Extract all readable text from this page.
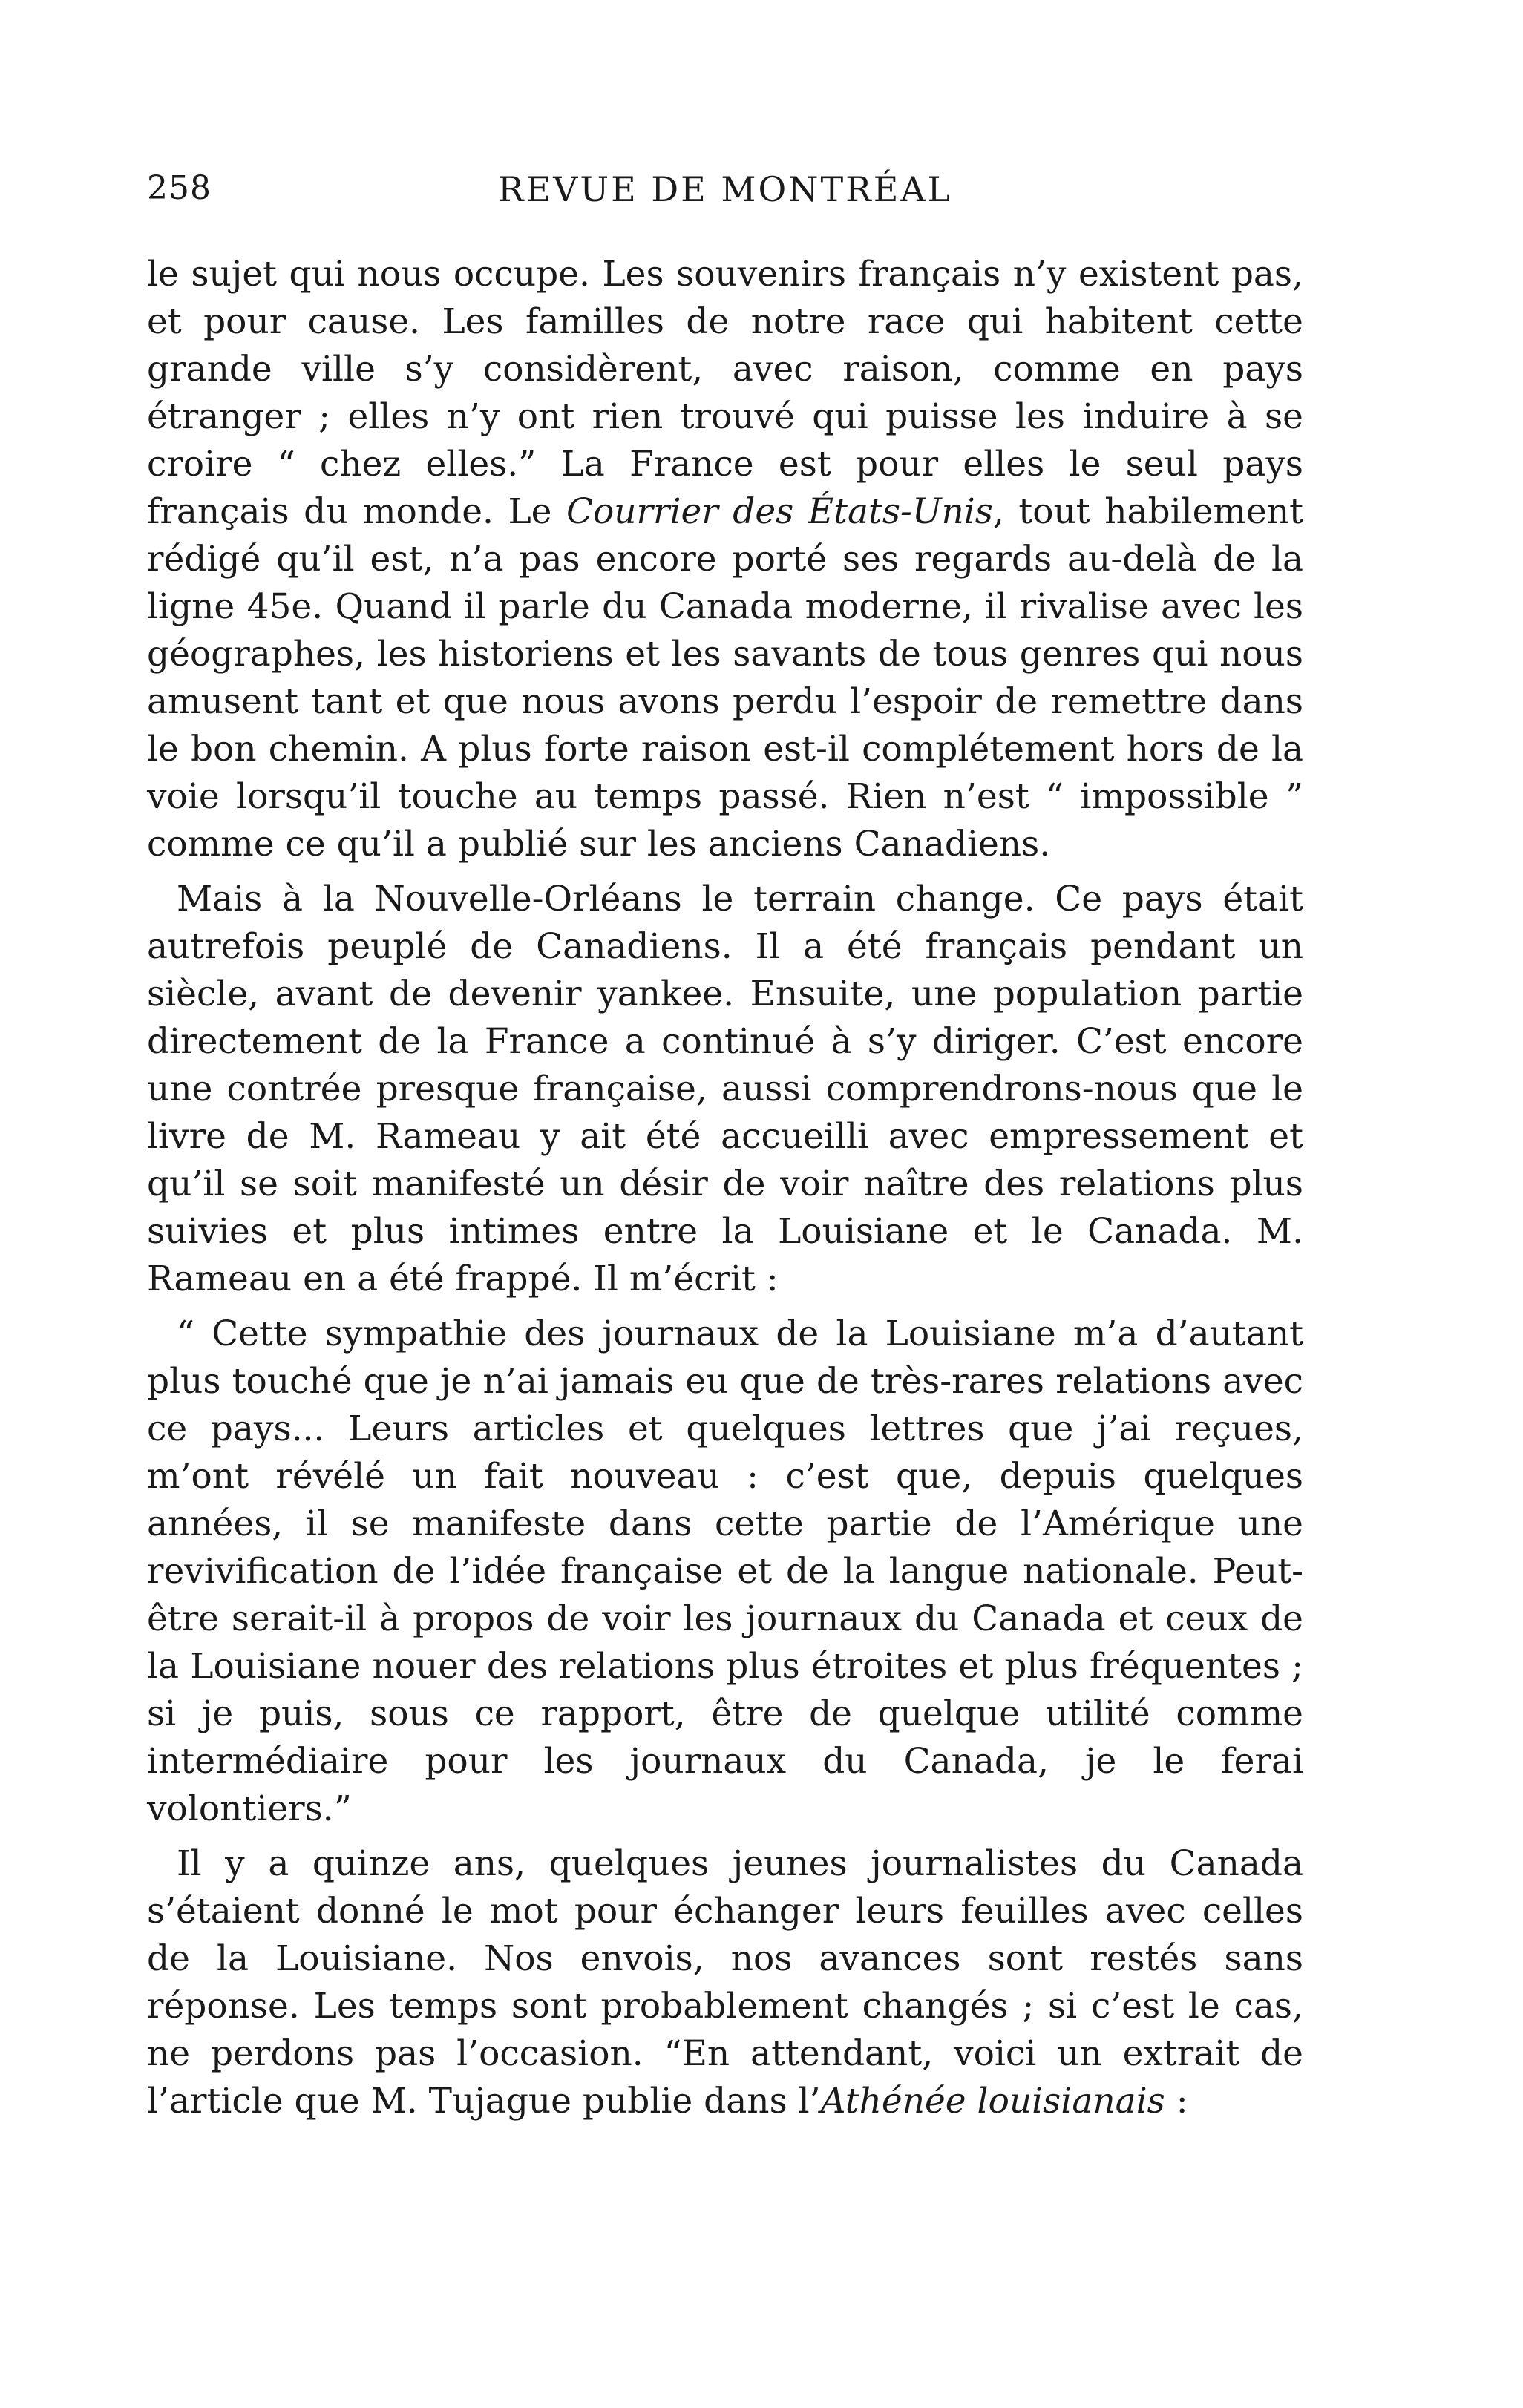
258	REVUE DE MONTRÉAL

le sujet qui nous occupe. Les souvenirs français n’y existent pas, et pour cause. Les familles de notre race qui habitent cette grande ville s’y considèrent, avec raison, comme en pays étranger ; elles n’y ont rien trouvé qui puisse les induire à se croire “ chez elles.” La France est pour elles le seul pays français du monde. Le Courrier des États-Unis, tout habilement rédigé qu’il est, n’a pas encore porté ses regards au-delà de la ligne 45e. Quand il parle du Canada moderne, il rivalise avec les géographes, les historiens et les savants de tous genres qui nous amusent tant et que nous avons perdu l’espoir de remettre dans le bon chemin. A plus forte raison est-il complétement hors de la voie lorsqu’il touche au temps passé. Rien n’est “ impossible ” comme ce qu’il a publié sur les anciens Canadiens.

Mais à la Nouvelle-Orléans le terrain change. Ce pays était autrefois peuplé de Canadiens. Il a été français pendant un siècle, avant de devenir yankee. Ensuite, une population partie directement de la France a continué à s’y diriger. C’est encore une contrée presque française, aussi comprendrons-nous que le livre de M. Rameau y ait été accueilli avec empressement et qu’il se soit manifesté un désir de voir naître des relations plus suivies et plus intimes entre la Louisiane et le Canada. M. Rameau en a été frappé. Il m’écrit :

“ Cette sympathie des journaux de la Louisiane m’a d’autant plus touché que je n’ai jamais eu que de très-rares relations avec ce pays... Leurs articles et quelques lettres que j’ai reçues, m’ont révélé un fait nouveau : c’est que, depuis quelques années, il se manifeste dans cette partie de l’Amérique une revivification de l’idée française et de la langue nationale. Peut-être serait-il à propos de voir les journaux du Canada et ceux de la Louisiane nouer des relations plus étroites et plus fréquentes ; si je puis, sous ce rapport, être de quelque utilité comme intermédiaire pour les journaux du Canada, je le ferai volontiers.”

Il y a quinze ans, quelques jeunes journalistes du Canada s’étaient donné le mot pour échanger leurs feuilles avec celles de la Louisiane. Nos envois, nos avances sont restés sans réponse. Les temps sont probablement changés ; si c’est le cas, ne perdons pas l’occasion. “En attendant, voici un extrait de l’article que M. Tujague publie dans l’Athénée louisianais :
